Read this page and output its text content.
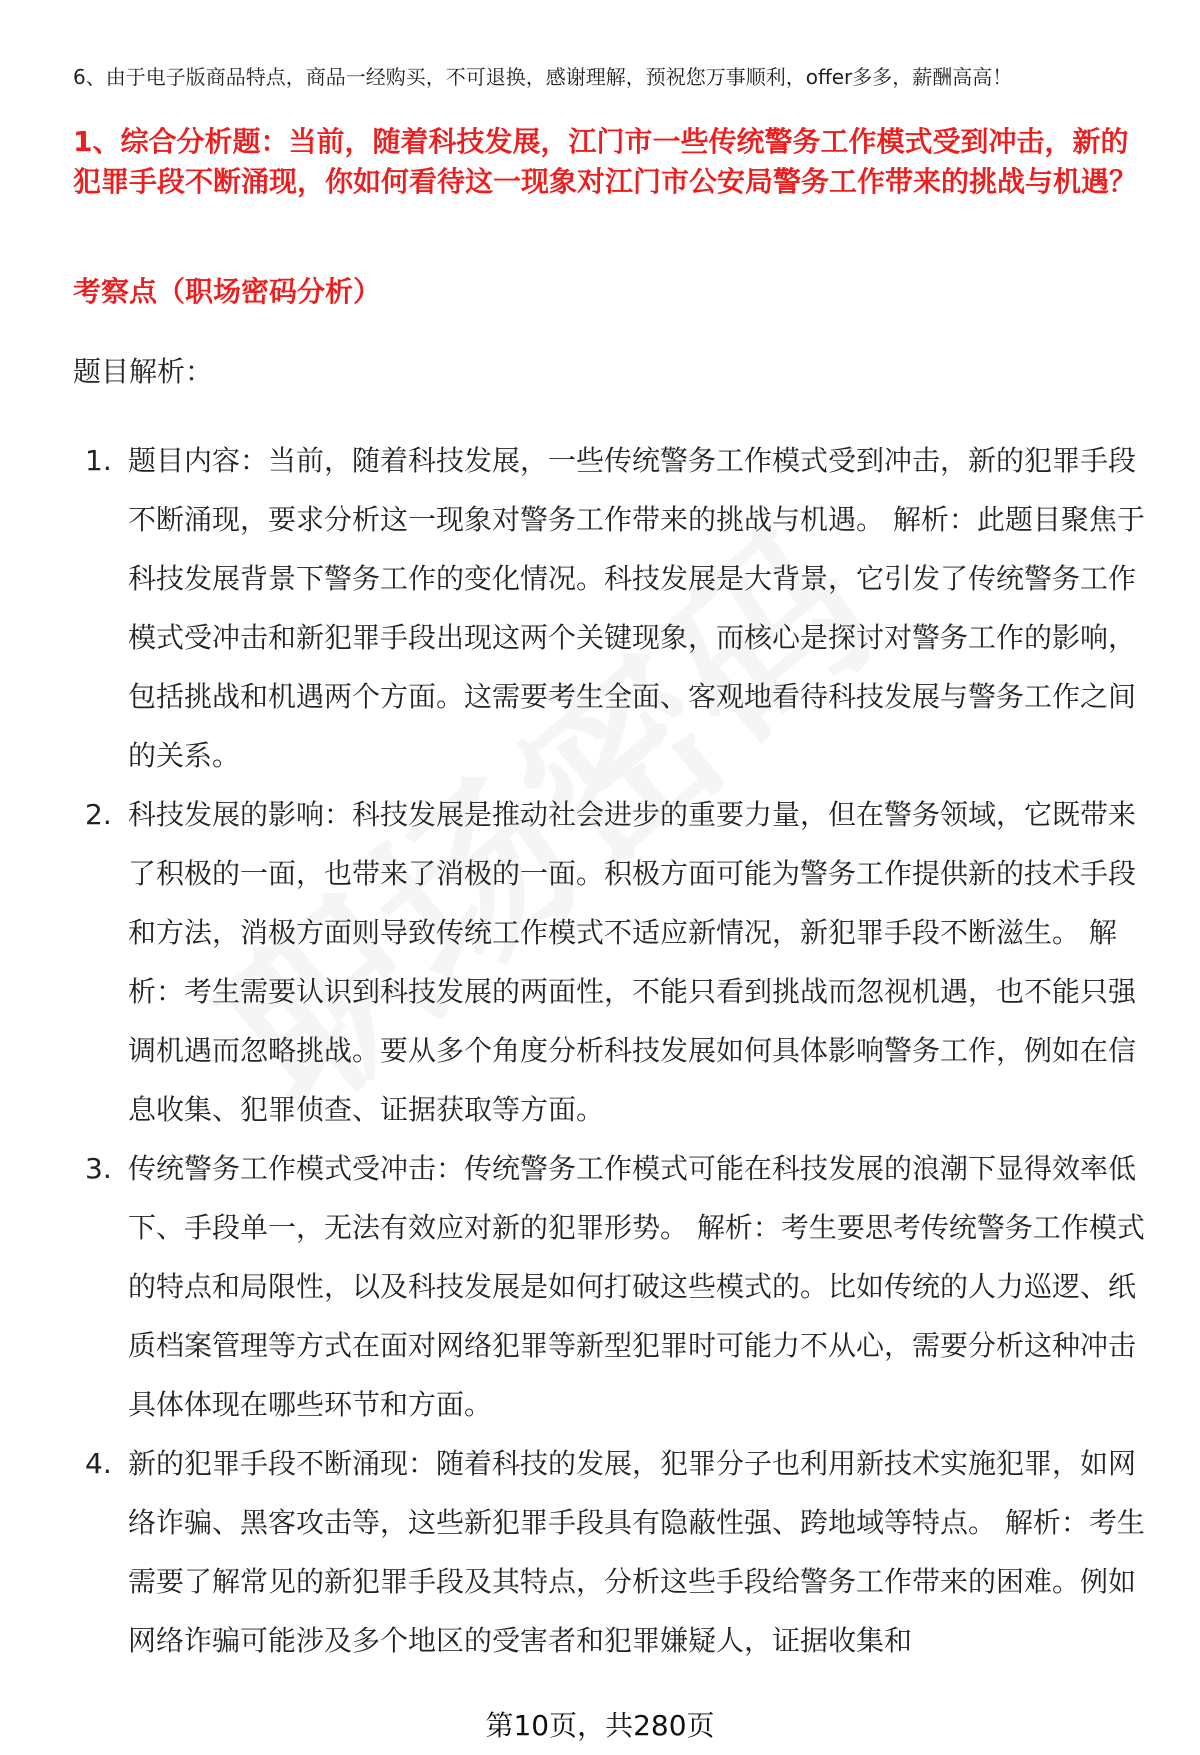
6、由于电子版商品特点，商品一经购买，不可退换，感谢理解，预祝您万事顺利，offer多多，薪酬高高！
1、综合分析题：当前，随着科技发展，江门市一些传统警务工作模式受到冲击，新的犯罪手段不断涌现，你如何看待这一现象对江门市公安局警务工作带来的挑战与机遇？
考察点（职场密码分析）
题目解析：
1. 题目内容：当前，随着科技发展，一些传统警务工作模式受到冲击，新的犯罪手段不断涌现，要求分析这一现象对警务工作带来的挑战与机遇。 解析：此题目聚焦于科技发展背景下警务工作的变化情况。科技发展是大背景，它引发了传统警务工作模式受冲击和新犯罪手段出现这两个关键现象，而核心是探讨对警务工作的影响，包括挑战和机遇两个方面。这需要考生全面、客观地看待科技发展与警务工作之间的关系。
2. 科技发展的影响：科技发展是推动社会进步的重要力量，但在警务领域，它既带来了积极的一面，也带来了消极的一面。积极方面可能为警务工作提供新的技术手段和方法，消极方面则导致传统工作模式不适应新情况，新犯罪手段不断滋生。 解析：考生需要认识到科技发展的两面性，不能只看到挑战而忽视机遇，也不能只强调机遇而忽略挑战。要从多个角度分析科技发展如何具体影响警务工作，例如在信息收集、犯罪侦查、证据获取等方面。
3. 传统警务工作模式受冲击：传统警务工作模式可能在科技发展的浪潮下显得效率低下、手段单一，无法有效应对新的犯罪形势。 解析：考生要思考传统警务工作模式的特点和局限性，以及科技发展是如何打破这些模式的。比如传统的人力巡逻、纸质档案管理等方式在面对网络犯罪等新型犯罪时可能力不从心，需要分析这种冲击具体体现在哪些环节和方面。
4. 新的犯罪手段不断涌现：随着科技的发展，犯罪分子也利用新技术实施犯罪，如网络诈骗、黑客攻击等，这些新犯罪手段具有隐蔽性强、跨地域等特点。 解析：考生需要了解常见的新犯罪手段及其特点，分析这些手段给警务工作带来的困难。例如网络诈骗可能涉及多个地区的受害者和犯罪嫌疑人，证据收集和
第10页，共280页
